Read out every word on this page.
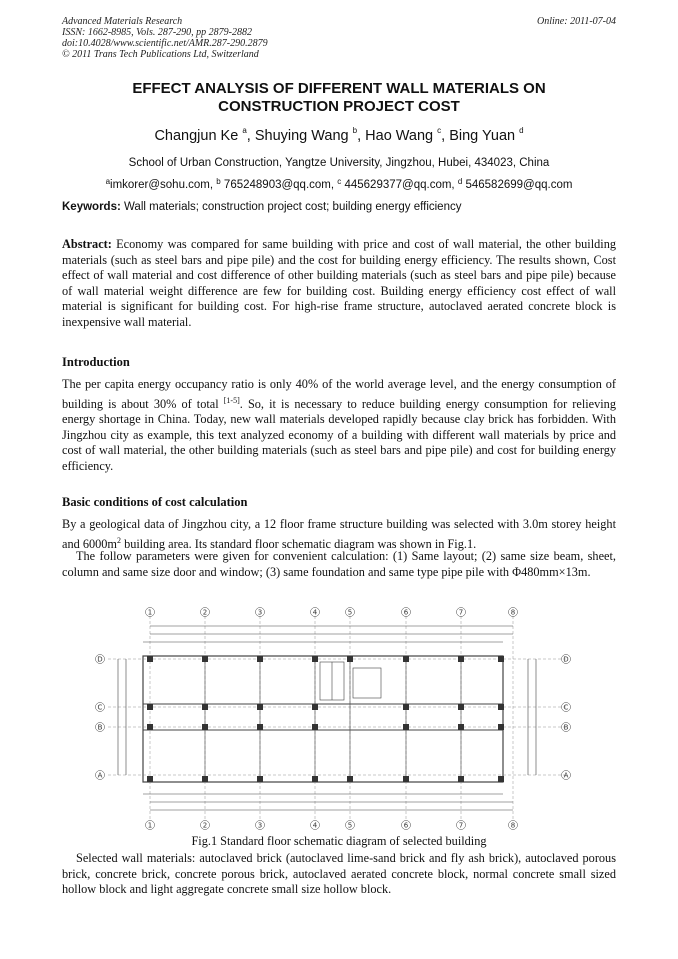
Advanced Materials Research
ISSN: 1662-8985, Vols. 287-290, pp 2879-2882
doi:10.4028/www.scientific.net/AMR.287-290.2879
© 2011 Trans Tech Publications Ltd, Switzerland
Online: 2011-07-04
EFFECT ANALYSIS OF DIFFERENT WALL MATERIALS ON
CONSTRUCTION PROJECT COST
Changjun Ke $^a$, Shuying Wang $^b$, Hao Wang $^c$, Bing Yuan $^d$
School of Urban Construction, Yangtze University, Jingzhou, Hubei, 434023, China
$^a$imkorer@sohu.com, $^b$ 765248903@qq.com, $^c$ 445629377@qq.com, $^d$ 546582699@qq.com
Keywords: Wall materials; construction project cost; building energy efficiency
Abstract: Economy was compared for same building with price and cost of wall material, the other building materials (such as steel bars and pipe pile) and the cost for building energy efficiency. The results shown, Cost effect of wall material and cost difference of other building materials (such as steel bars and pipe pile) because of wall material weight difference are few for building cost. Building energy efficiency cost effect of wall material is significant for building cost. For high-rise frame structure, autoclaved aerated concrete block is inexpensive wall material.
Introduction
The per capita energy occupancy ratio is only 40% of the world average level, and the energy consumption of building is about 30% of total [1-5]. So, it is necessary to reduce building energy consumption for relieving energy shortage in China. Today, new wall materials developed rapidly because clay brick has forbidden. With Jingzhou city as example, this text analyzed economy of a building with different wall materials by price and cost of wall material, the other building materials (such as steel bars and pipe pile) and cost for building energy efficiency.
Basic conditions of cost calculation
By a geological data of Jingzhou city, a 12 floor frame structure building was selected with 3.0m storey height and 6000m$^2$ building area. Its standard floor schematic diagram was shown in Fig.1.
The follow parameters were given for convenient calculation: (1) Same layout; (2) same size beam, sheet, column and same size door and window; (3) same foundation and same type pipe pile with Φ480mm×13m.
1	2	3	4	5	6	7	8
1	2	3	4	5	6	7	8
D
C
B
A
D
C
B
A
Fig.1 Standard floor schematic diagram of selected building
Selected wall materials: autoclaved brick (autoclaved lime-sand brick and fly ash brick), autoclaved porous brick, concrete brick, concrete porous brick, autoclaved aerated concrete block, normal concrete small sized hollow block and light aggregate concrete small size hollow block.
